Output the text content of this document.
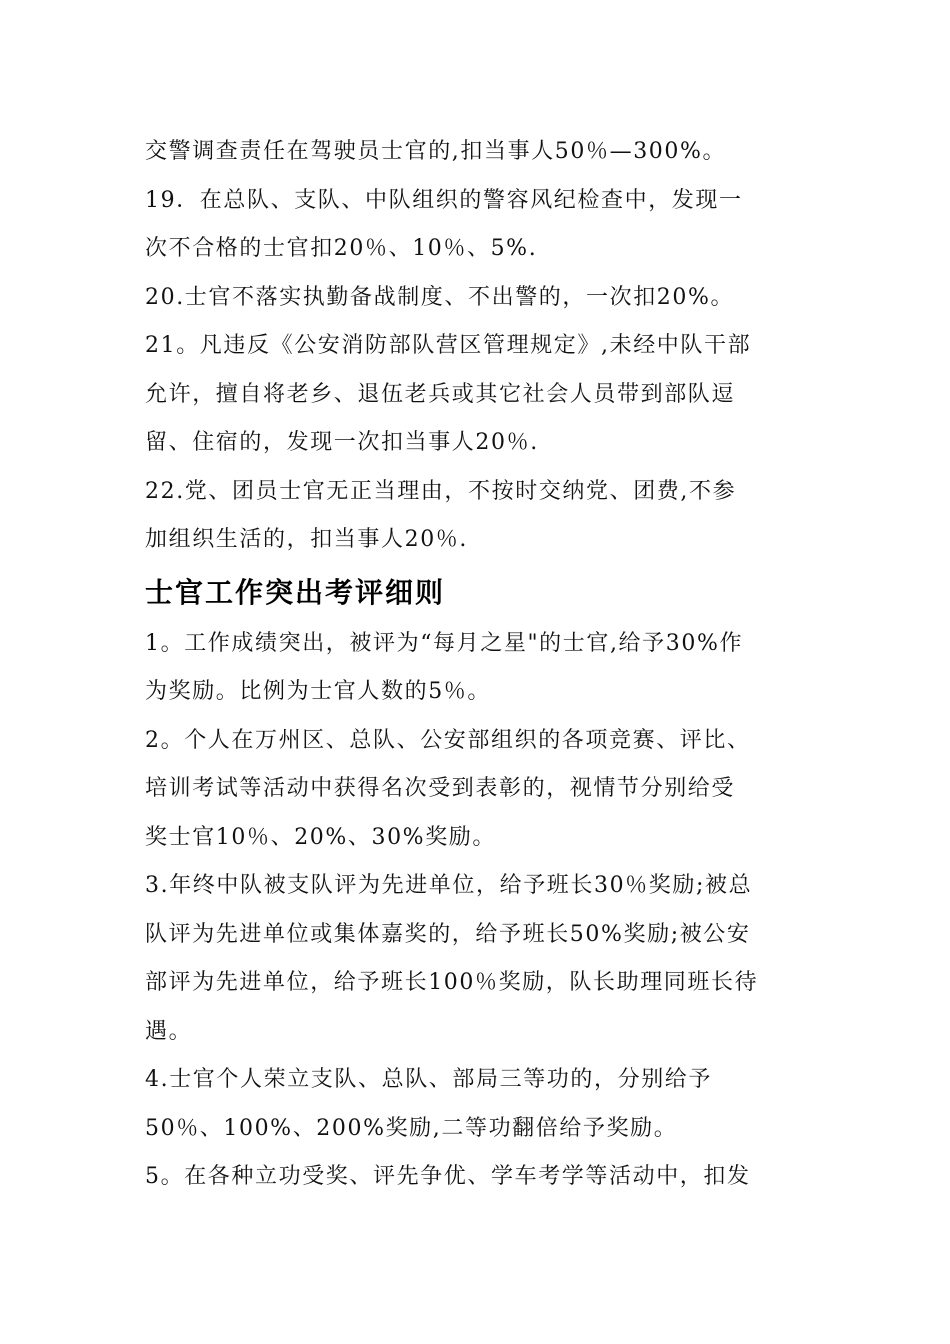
交警调查责任在驾驶员士官的,扣当事人50％—300%。
19．在总队、支队、中队组织的警容风纪检查中，发现一
次不合格的士官扣20％、10％、5%.
20.士官不落实执勤备战制度、不出警的，一次扣20%。
21。凡违反《公安消防部队营区管理规定》,未经中队干部
允许，擅自将老乡、退伍老兵或其它社会人员带到部队逗
留、住宿的，发现一次扣当事人20％.
22.党、团员士官无正当理由，不按时交纳党、团费,不参
加组织生活的，扣当事人20％.
士官工作突出考评细则
1。工作成绩突出，被评为“每月之星"的士官,给予30%作
为奖励。比例为士官人数的5％。
2。个人在万州区、总队、公安部组织的各项竞赛、评比、
培训考试等活动中获得名次受到表彰的，视情节分别给受
奖士官10％、20%、30%奖励。
3.年终中队被支队评为先进单位，给予班长30％奖励;被总
队评为先进单位或集体嘉奖的，给予班长50%奖励;被公安
部评为先进单位，给予班长100％奖励，队长助理同班长待
遇。
4.士官个人荣立支队、总队、部局三等功的，分别给予
50％、100%、200%奖励,二等功翻倍给予奖励。
5。在各种立功受奖、评先争优、学车考学等活动中，扣发
